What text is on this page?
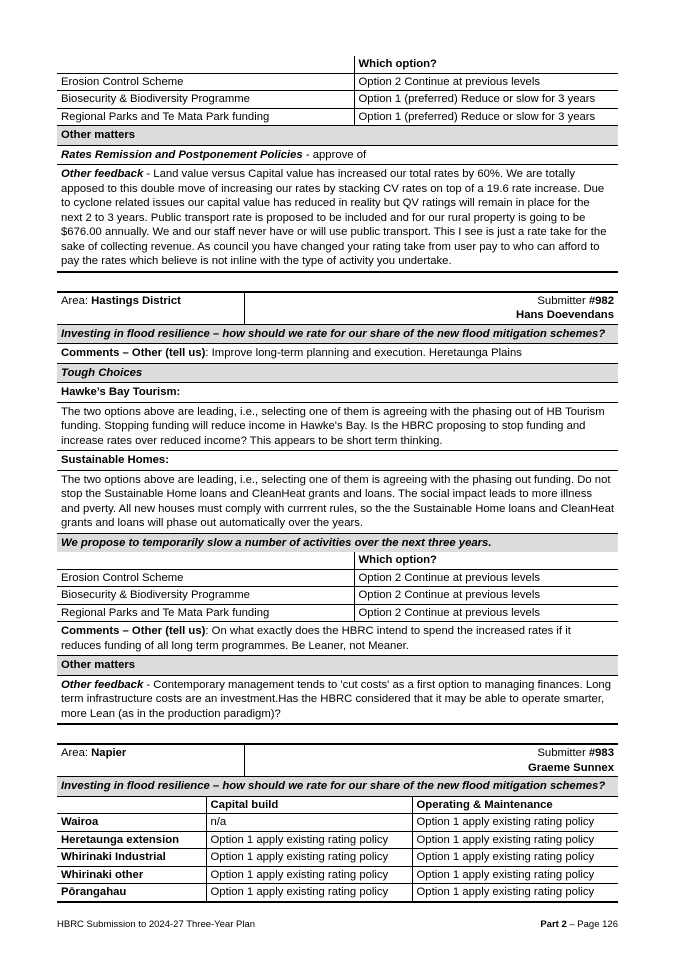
	Which option?
Erosion Control Scheme	Option 2 Continue at previous levels
Biosecurity & Biodiversity Programme	Option 1 (preferred) Reduce or slow for 3 years
Regional Parks and Te Mata Park funding	Option 1 (preferred) Reduce or slow for 3 years
Other matters
Rates Remission and Postponement Policies - approve of
Other feedback - Land value versus Capital value has increased our total rates by 60%. We are totally apposed to this double move of increasing our rates by stacking CV rates on top of a 19.6 rate increase. Due to cyclone related issues our capital value has reduced in reality but QV ratings will remain in place for the next 2 to 3 years. Public transport rate is proposed to be included and for our rural property is going to be $676.00 annually. We and our staff never have or will use public transport. This I see is just a rate take for the sake of collecting revenue. As council you have changed your rating take from user pay to who can afford to pay the rates which believe is not inline with the type of activity you undertake.
Area: Hastings District	Submitter #982
Hans Doevendans
Investing in flood resilience – how should we rate for our share of the new flood mitigation schemes?
Comments – Other (tell us): Improve long-term planning and execution. Heretaunga Plains
Tough Choices
Hawke’s Bay Tourism:
The two options above are leading, i.e., selecting one of them is agreeing with the phasing out of HB Tourism funding. Stopping funding will reduce income in Hawke's Bay. Is the HBRC proposing to stop funding and increase rates over reduced income? This appears to be short term thinking.
Sustainable Homes:
The two options above are leading, i.e., selecting one of them is agreeing with the phasing out funding. Do not stop the Sustainable Home loans and CleanHeat grants and loans. The social impact leads to more illness and pverty. All new houses must comply with currrent rules, so the the Sustainable Home loans and CleanHeat grants and loans will phase out automatically over the years.
We propose to temporarily slow a number of activities over the next three years.
	Which option?
Erosion Control Scheme	Option 2 Continue at previous levels
Biosecurity & Biodiversity Programme	Option 2 Continue at previous levels
Regional Parks and Te Mata Park funding	Option 2 Continue at previous levels
Comments – Other (tell us): On what exactly does the HBRC intend to spend the increased rates if it reduces funding of all long term programmes. Be Leaner, not Meaner.
Other matters
Other feedback - Contemporary management tends to 'cut costs' as a first option to managing finances. Long term infrastructure costs are an investment.Has the HBRC considered that it may be able to operate smarter, more Lean (as in the production paradigm)?
Area: Napier	Submitter #983
Graeme Sunnex
Investing in flood resilience – how should we rate for our share of the new flood mitigation schemes?
	Capital build	Operating & Maintenance
Wairoa	n/a	Option 1 apply existing rating policy
Heretaunga extension	Option 1 apply existing rating policy	Option 1 apply existing rating policy
Whirinaki Industrial	Option 1 apply existing rating policy	Option 1 apply existing rating policy
Whirinaki other	Option 1 apply existing rating policy	Option 1 apply existing rating policy
Pōrangahau	Option 1 apply existing rating policy	Option 1 apply existing rating policy
HBRC Submission to 2024-27 Three-Year Plan	Part 2 – Page 126
